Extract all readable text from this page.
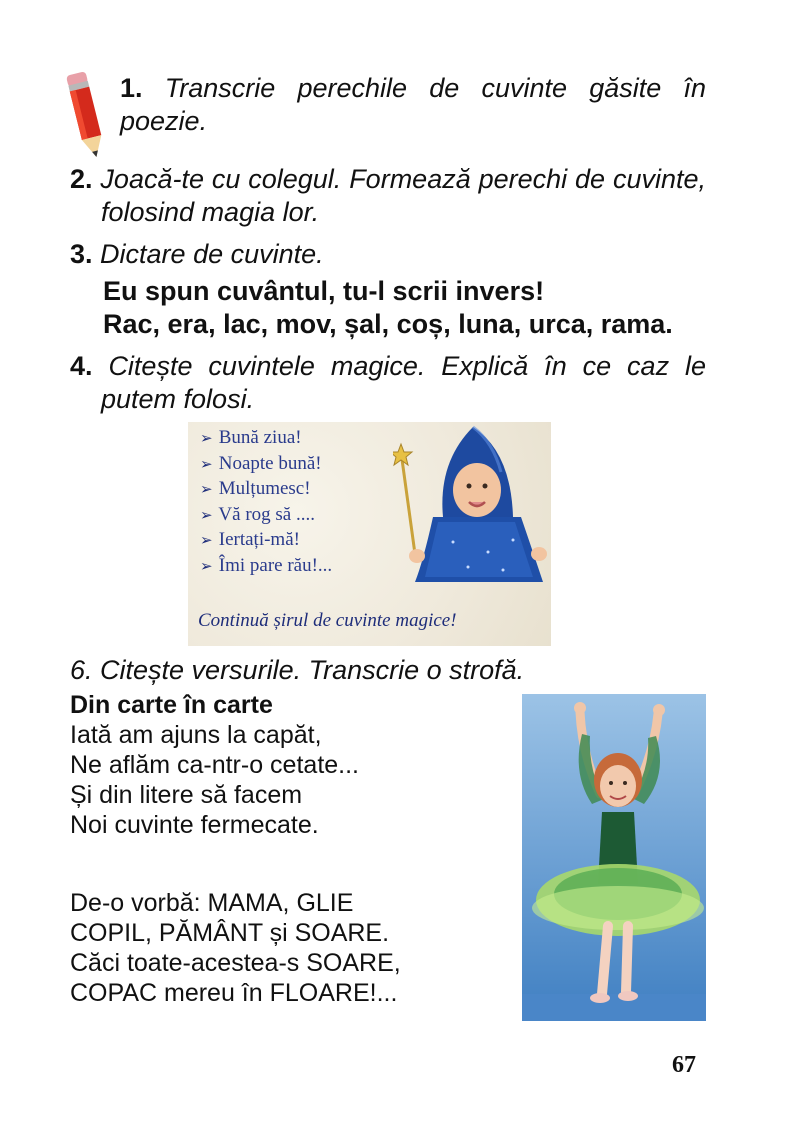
1. Transcrie perechile de cuvinte găsite în poezie.
2. Joacă-te cu colegul. Formează perechi de cuvinte, folosind magia lor.
3. Dictare de cuvinte.
Eu spun cuvântul, tu-l scrii invers!
Rac, era, lac, mov, șal, coș, luna, urca, rama.
4. Citește cuvintele magice. Explică în ce caz le putem folosi.
➢ Bună ziua!
➢ Noapte bună!
➢ Mulțumesc!
➢ Vă rog să ....
➢ Iertați-mă!
➢ Îmi pare rău!...
Continuă șirul de cuvinte magice!
6. Citește versurile. Transcrie o strofă.
Din carte în carte
Iată am ajuns la capăt,
Ne aflăm ca-ntr-o cetate...
Și din litere să facem
Noi cuvinte fermecate.
De-o vorbă: MAMA, GLIE
COPIL, PĂMÂNT și SOARE.
Căci toate-acestea-s SOARE,
COPAC mereu în FLOARE!...
67
